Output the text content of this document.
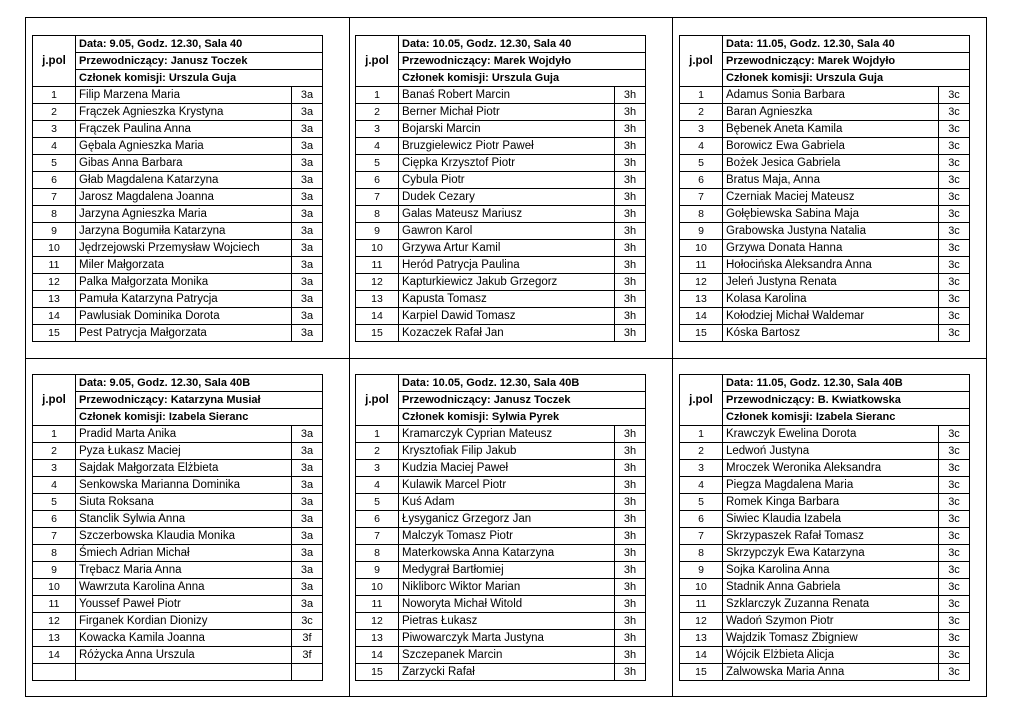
j.pol	Data: 9.05, Godz. 12.30, Sala 40	
	Przewodniczący: Janusz Toczek	
	Członek komisji: Urszula Guja	
1	Filip Marzena Maria	3a
2	Frączek Agnieszka Krystyna	3a
3	Frączek Paulina Anna	3a
4	Gębala Agnieszka Maria	3a
5	Gibas Anna Barbara	3a
6	Głab Magdalena Katarzyna	3a
7	Jarosz Magdalena Joanna	3a
8	Jarzyna Agnieszka Maria	3a
9	Jarzyna Bogumiła Katarzyna	3a
10	Jędrzejowski Przemysław Wojciech	3a
11	Miler Małgorzata	3a
12	Palka Małgorzata Monika	3a
13	Pamuła Katarzyna Patrycja	3a
14	Pawlusiak Dominika Dorota	3a
15	Pest Patrycja Małgorzata	3a
j.pol	Data: 10.05, Godz. 12.30, Sala 40	
	Przewodniczący: Marek Wojdyło	
	Członek komisji: Urszula Guja	
1	Banaś Robert Marcin	3h
2	Berner Michał Piotr	3h
3	Bojarski Marcin	3h
4	Bruzgielewicz Piotr Paweł	3h
5	Ciępka Krzysztof Piotr	3h
6	Cybula Piotr	3h
7	Dudek Cezary	3h
8	Galas Mateusz Mariusz	3h
9	Gawron Karol	3h
10	Grzywa Artur Kamil	3h
11	Heród Patrycja Paulina	3h
12	Kapturkiewicz Jakub Grzegorz	3h
13	Kapusta Tomasz	3h
14	Karpiel Dawid Tomasz	3h
15	Kozaczek Rafał Jan	3h
j.pol	Data: 11.05, Godz. 12.30, Sala 40	
	Przewodniczący: Marek Wojdyło	
	Członek komisji: Urszula Guja	
1	Adamus Sonia Barbara	3c
2	Baran Agnieszka	3c
3	Bębenek Aneta Kamila	3c
4	Borowicz Ewa Gabriela	3c
5	Bożek Jesica Gabriela	3c
6	Bratus Maja, Anna	3c
7	Czerniak Maciej Mateusz	3c
8	Gołębiewska Sabina Maja	3c
9	Grabowska Justyna Natalia	3c
10	Grzywa Donata Hanna	3c
11	Hołocińska Aleksandra Anna	3c
12	Jeleń Justyna Renata	3c
13	Kolasa Karolina	3c
14	Kołodziej Michał Waldemar	3c
15	Kóska Bartosz	3c
j.pol	Data: 9.05, Godz. 12.30, Sala 40B	
	Przewodniczący: Katarzyna Musiał	
	Członek komisji: Izabela Sieranc	
1	Pradid Marta Anika	3a
2	Pyza Łukasz Maciej	3a
3	Sajdak Małgorzata Elżbieta	3a
4	Senkowska Marianna Dominika	3a
5	Siuta Roksana	3a
6	Stanclik Sylwia Anna	3a
7	Szczerbowska Klaudia Monika	3a
8	Śmiech Adrian Michał	3a
9	Trębacz Maria Anna	3a
10	Wawrzuta Karolina Anna	3a
11	Youssef Paweł Piotr	3a
12	Firganek Kordian Dionizy	3c
13	Kowacka Kamila Joanna	3f
14	Różycka Anna Urszula	3f

j.pol	Data: 10.05, Godz. 12.30, Sala 40B	
	Przewodniczący: Janusz Toczek	
	Członek komisji: Sylwia Pyrek	
1	Kramarczyk Cyprian Mateusz	3h
2	Krysztofiak Filip Jakub	3h
3	Kudzia Maciej Paweł	3h
4	Kulawik Marcel Piotr	3h
5	Kuś Adam	3h
6	Łysyganicz Grzegorz Jan	3h
7	Malczyk Tomasz Piotr	3h
8	Materkowska Anna Katarzyna	3h
9	Medygrał Bartłomiej	3h
10	Nikliborc Wiktor Marian	3h
11	Noworyta Michał Witold	3h
12	Pietras Łukasz	3h
13	Piwowarczyk Marta Justyna	3h
14	Szczepanek Marcin	3h
15	Zarzycki Rafał	3h
j.pol	Data: 11.05, Godz. 12.30, Sala 40B	
	Przewodniczący: B. Kwiatkowska	
	Członek komisji: Izabela Sieranc	
1	Krawczyk Ewelina Dorota	3c
2	Ledwoń Justyna	3c
3	Mroczek Weronika Aleksandra	3c
4	Piegza Magdalena Maria	3c
5	Romek Kinga Barbara	3c
6	Siwiec Klaudia Izabela	3c
7	Skrzypaszek Rafał Tomasz	3c
8	Skrzypczyk Ewa Katarzyna	3c
9	Sojka Karolina Anna	3c
10	Stadnik Anna Gabriela	3c
11	Szklarczyk Zuzanna Renata	3c
12	Wadoń Szymon Piotr	3c
13	Wajdzik Tomasz Zbigniew	3c
14	Wójcik Elżbieta Alicja	3c
15	Zalwowska Maria Anna	3c
